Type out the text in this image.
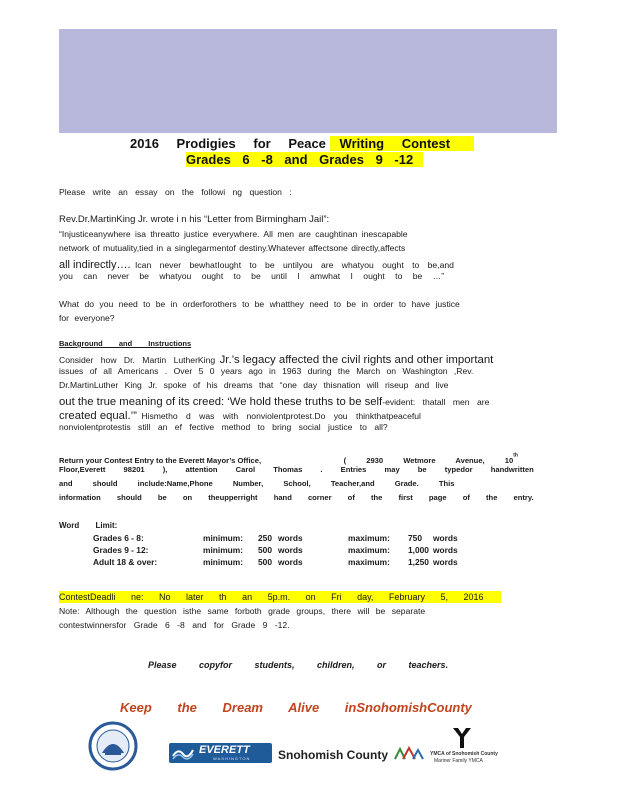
2016 Prodigies for Peace Writing Contest
Grades 6 -8 and Grades 9 -12
Please write an essay on the followi ng question :
Rev.Dr.MartinKing Jr. wrote i n his “Letter from Birmingham Jail”:
“Injusticeanywhere isa threatto justice everywhere. All men are caughtinan inescapable
network of mutuality,tied in a singlegarmentof destiny.Whatever affectsone directly,affects
all indirectly…. Ican never bewhatIought to be untilyou are whatyou ought to be,and
you can never be whatyou ought to be until I amwhat I ought to be …”
What do you need to be in orderforothers to be whatthey need to be in order to have justice
for everyone?
Background and Instructions
Consider how Dr. Martin LutherKing Jr.’s legacy affected the civil rights and other important
issues of all Americans . Over 5 0 years ago in 1963 during the March on Washington ,Rev.
Dr.MartinLuther King Jr. spoke of his dreams that “one day thisnation will riseup and live
out the true meaning of its creed: ‘We hold these truths to be self-evident: thatall men are
created equal.’” Hismetho d was with nonviolentprotest.Do you thinkthatpeaceful
nonviolentprotestis still an ef fective method to bring social justice to all?
Return your Contest Entry to the Everett Mayor’s Office,	( 2930 Wetmore Avenue, 10th
Floor,Everett 98201 ), attention Carol Thomas . Entries may be typedor handwritten
and should include:Name,Phone Number, School, Teacher,and Grade. This
information should be on theupperright hand corner of the first page of the entry.
Word Limit:
Grades 6 - 8:	minimum:	250	words	maximum:	750	words
Grades 9 - 12:	minimum:	500	words	maximum:	1,000	words
Adult 18 & over:	minimum:	500	words	maximum:	1,250	words
ContestDeadli ne: No later th an 5p.m. on Fri day, February 5, 2016
Note: Although the question isthe same forboth grade groups, there will be separate
contestwinnersfor Grade 6 -8 and for Grade 9 -12.
Please copyfor students, children, or teachers.
Keep the Dream Alive inSnohomishCounty
EVERETT
WASHINGTON Snohomish County	YMCA of Snohomish County
Mariner Family YMCA
